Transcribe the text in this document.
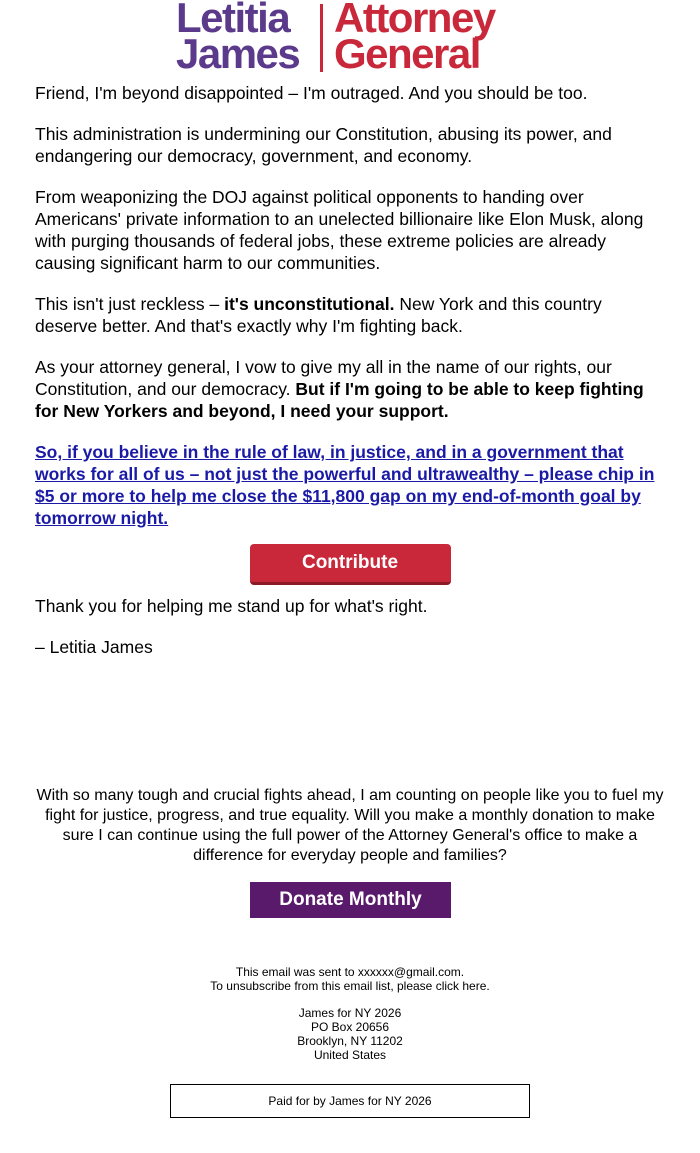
Letitia
James
Attorney
General

Friend, I'm beyond disappointed – I'm outraged. And you should be too.

This administration is undermining our Constitution, abusing its power, and endangering our democracy, government, and economy.

From weaponizing the DOJ against political opponents to handing over Americans' private information to an unelected billionaire like Elon Musk, along with purging thousands of federal jobs, these extreme policies are already causing significant harm to our communities.

This isn't just reckless – it's unconstitutional. New York and this country deserve better. And that's exactly why I'm fighting back.

As your attorney general, I vow to give my all in the name of our rights, our Constitution, and our democracy. But if I'm going to be able to keep fighting for New Yorkers and beyond, I need your support.

So, if you believe in the rule of law, in justice, and in a government that works for all of us – not just the powerful and ultrawealthy – please chip in $5 or more to help me close the $11,800 gap on my end-of-month goal by tomorrow night.

Contribute

Thank you for helping me stand up for what's right.

– Letitia James

With so many tough and crucial fights ahead, I am counting on people like you to fuel my fight for justice, progress, and true equality. Will you make a monthly donation to make sure I can continue using the full power of the Attorney General's office to make a difference for everyday people and families?
Donate Monthly
This email was sent to xxxxxx@gmail.com.
To unsubscribe from this email list, please click here.
James for NY 2026
PO Box 20656
Brooklyn, NY 11202
United States
Paid for by James for NY 2026
